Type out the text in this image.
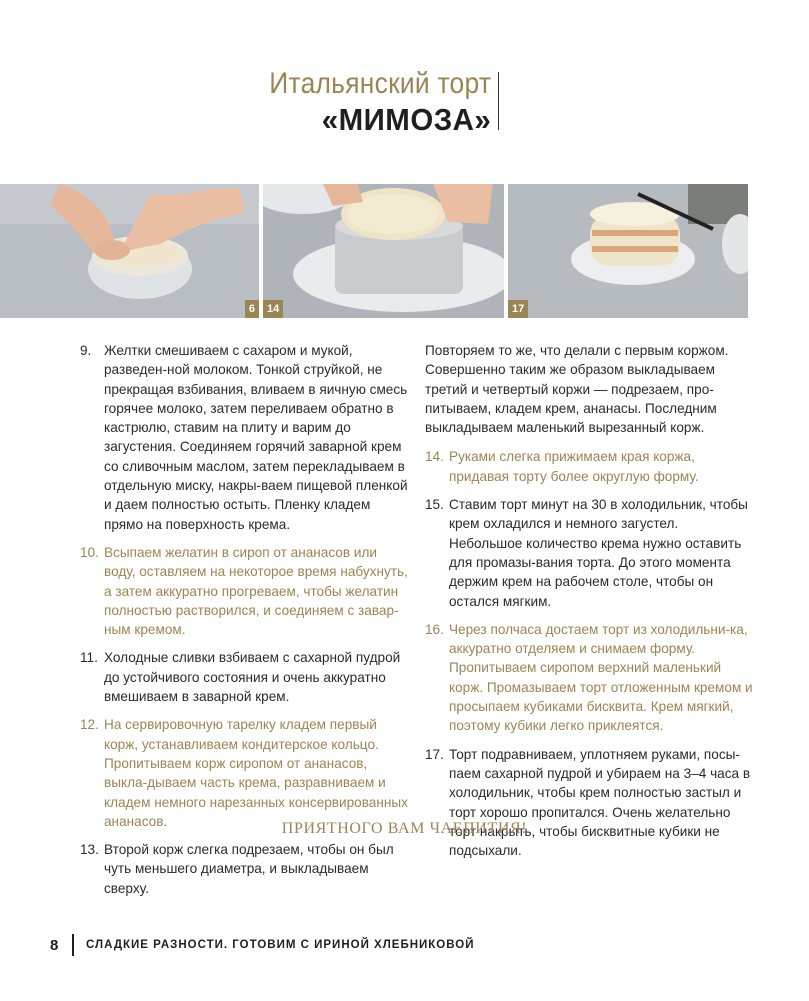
Итальянский торт
«МИМОЗА»
6	14	17
9. Желтки смешиваем с сахаром и мукой, разведен-ной молоком. Тонкой струйкой, не прекращая взбивания, вливаем в яичную смесь горячее молоко, затем переливаем обратно в кастрюлю, ставим на плиту и варим до загустения. Соединяем горячий заварной крем со сливочным маслом, затем перекладываем в отдельную миску, накры-ваем пищевой пленкой и даем полностью остыть. Пленку кладем прямо на поверхность крема.
10. Всыпаем желатин в сироп от ананасов или воду, оставляем на некоторое время набухнуть, а затем аккуратно прогреваем, чтобы желатин полностью растворился, и соединяем с завар-ным кремом.
11. Холодные сливки взбиваем с сахарной пудрой до устойчивого состояния и очень аккуратно вмешиваем в заварной крем.
12. На сервировочную тарелку кладем первый корж, устанавливаем кондитерское кольцо. Пропитываем корж сиропом от ананасов, выкла-дываем часть крема, разравниваем и кладем немного нарезанных консервированных ананасов.
13. Второй корж слегка подрезаем, чтобы он был чуть меньшего диаметра, и выкладываем сверху.
Повторяем то же, что делали с первым коржом. Совершенно таким же образом выкладываем третий и четвертый коржи — подрезаем, про-питываем, кладем крем, ананасы. Последним выкладываем маленький вырезанный корж.
14. Руками слегка прижимаем края коржа, придавая торту более округлую форму.
15. Ставим торт минут на 30 в холодильник, чтобы крем охладился и немного загустел. Небольшое количество крема нужно оставить для промазы-вания торта. До этого момента держим крем на рабочем столе, чтобы он остался мягким.
16. Через полчаса достаем торт из холодильни-ка, аккуратно отделяем и снимаем форму. Пропитываем сиропом верхний маленький корж. Промазываем торт отложенным кремом и просыпаем кубиками бисквита. Крем мягкий, поэтому кубики легко приклеятся.
17. Торт подравниваем, уплотняем руками, посы-паем сахарной пудрой и убираем на 3–4 часа в холодильник, чтобы крем полностью застыл и торт хорошо пропитался. Очень желательно торт накрыть, чтобы бисквитные кубики не подсыхали.
ПРИЯТНОГО ВАМ ЧАЕПИТИЯ!
8	СЛАДКИЕ РАЗНОСТИ. ГОТОВИМ С ИРИНОЙ ХЛЕБНИКОВОЙ
